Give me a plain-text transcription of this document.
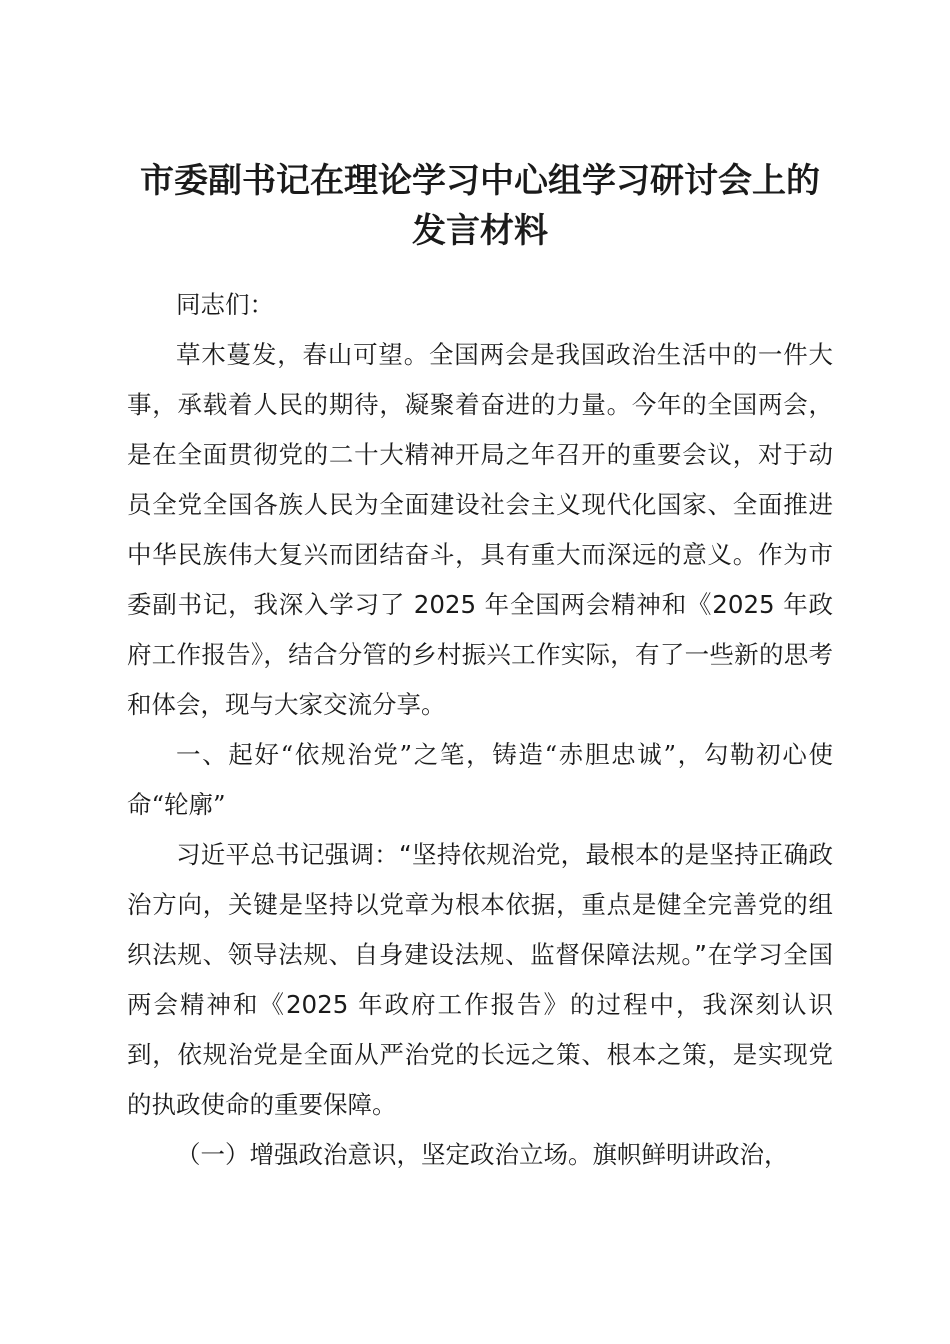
市委副书记在理论学习中心组学习研讨会上的
发言材料

同志们：

草木蔓发，春山可望。全国两会是我国政治生活中的一件大事，承载着人民的期待，凝聚着奋进的力量。今年的全国两会，是在全面贯彻党的二十大精神开局之年召开的重要会议，对于动员全党全国各族人民为全面建设社会主义现代化国家、全面推进中华民族伟大复兴而团结奋斗，具有重大而深远的意义。作为市委副书记，我深入学习了 2025 年全国两会精神和《2025 年政府工作报告》，结合分管的乡村振兴工作实际，有了一些新的思考和体会，现与大家交流分享。

一、起好“依规治党”之笔，铸造“赤胆忠诚”，勾勒初心使命“轮廓”

习近平总书记强调：“坚持依规治党，最根本的是坚持正确政治方向，关键是坚持以党章为根本依据，重点是健全完善党的组织法规、领导法规、自身建设法规、监督保障法规。”在学习全国两会精神和《2025 年政府工作报告》的过程中，我深刻认识到，依规治党是全面从严治党的长远之策、根本之策，是实现党的执政使命的重要保障。

（一）增强政治意识，坚定政治立场。旗帜鲜明讲政治，
